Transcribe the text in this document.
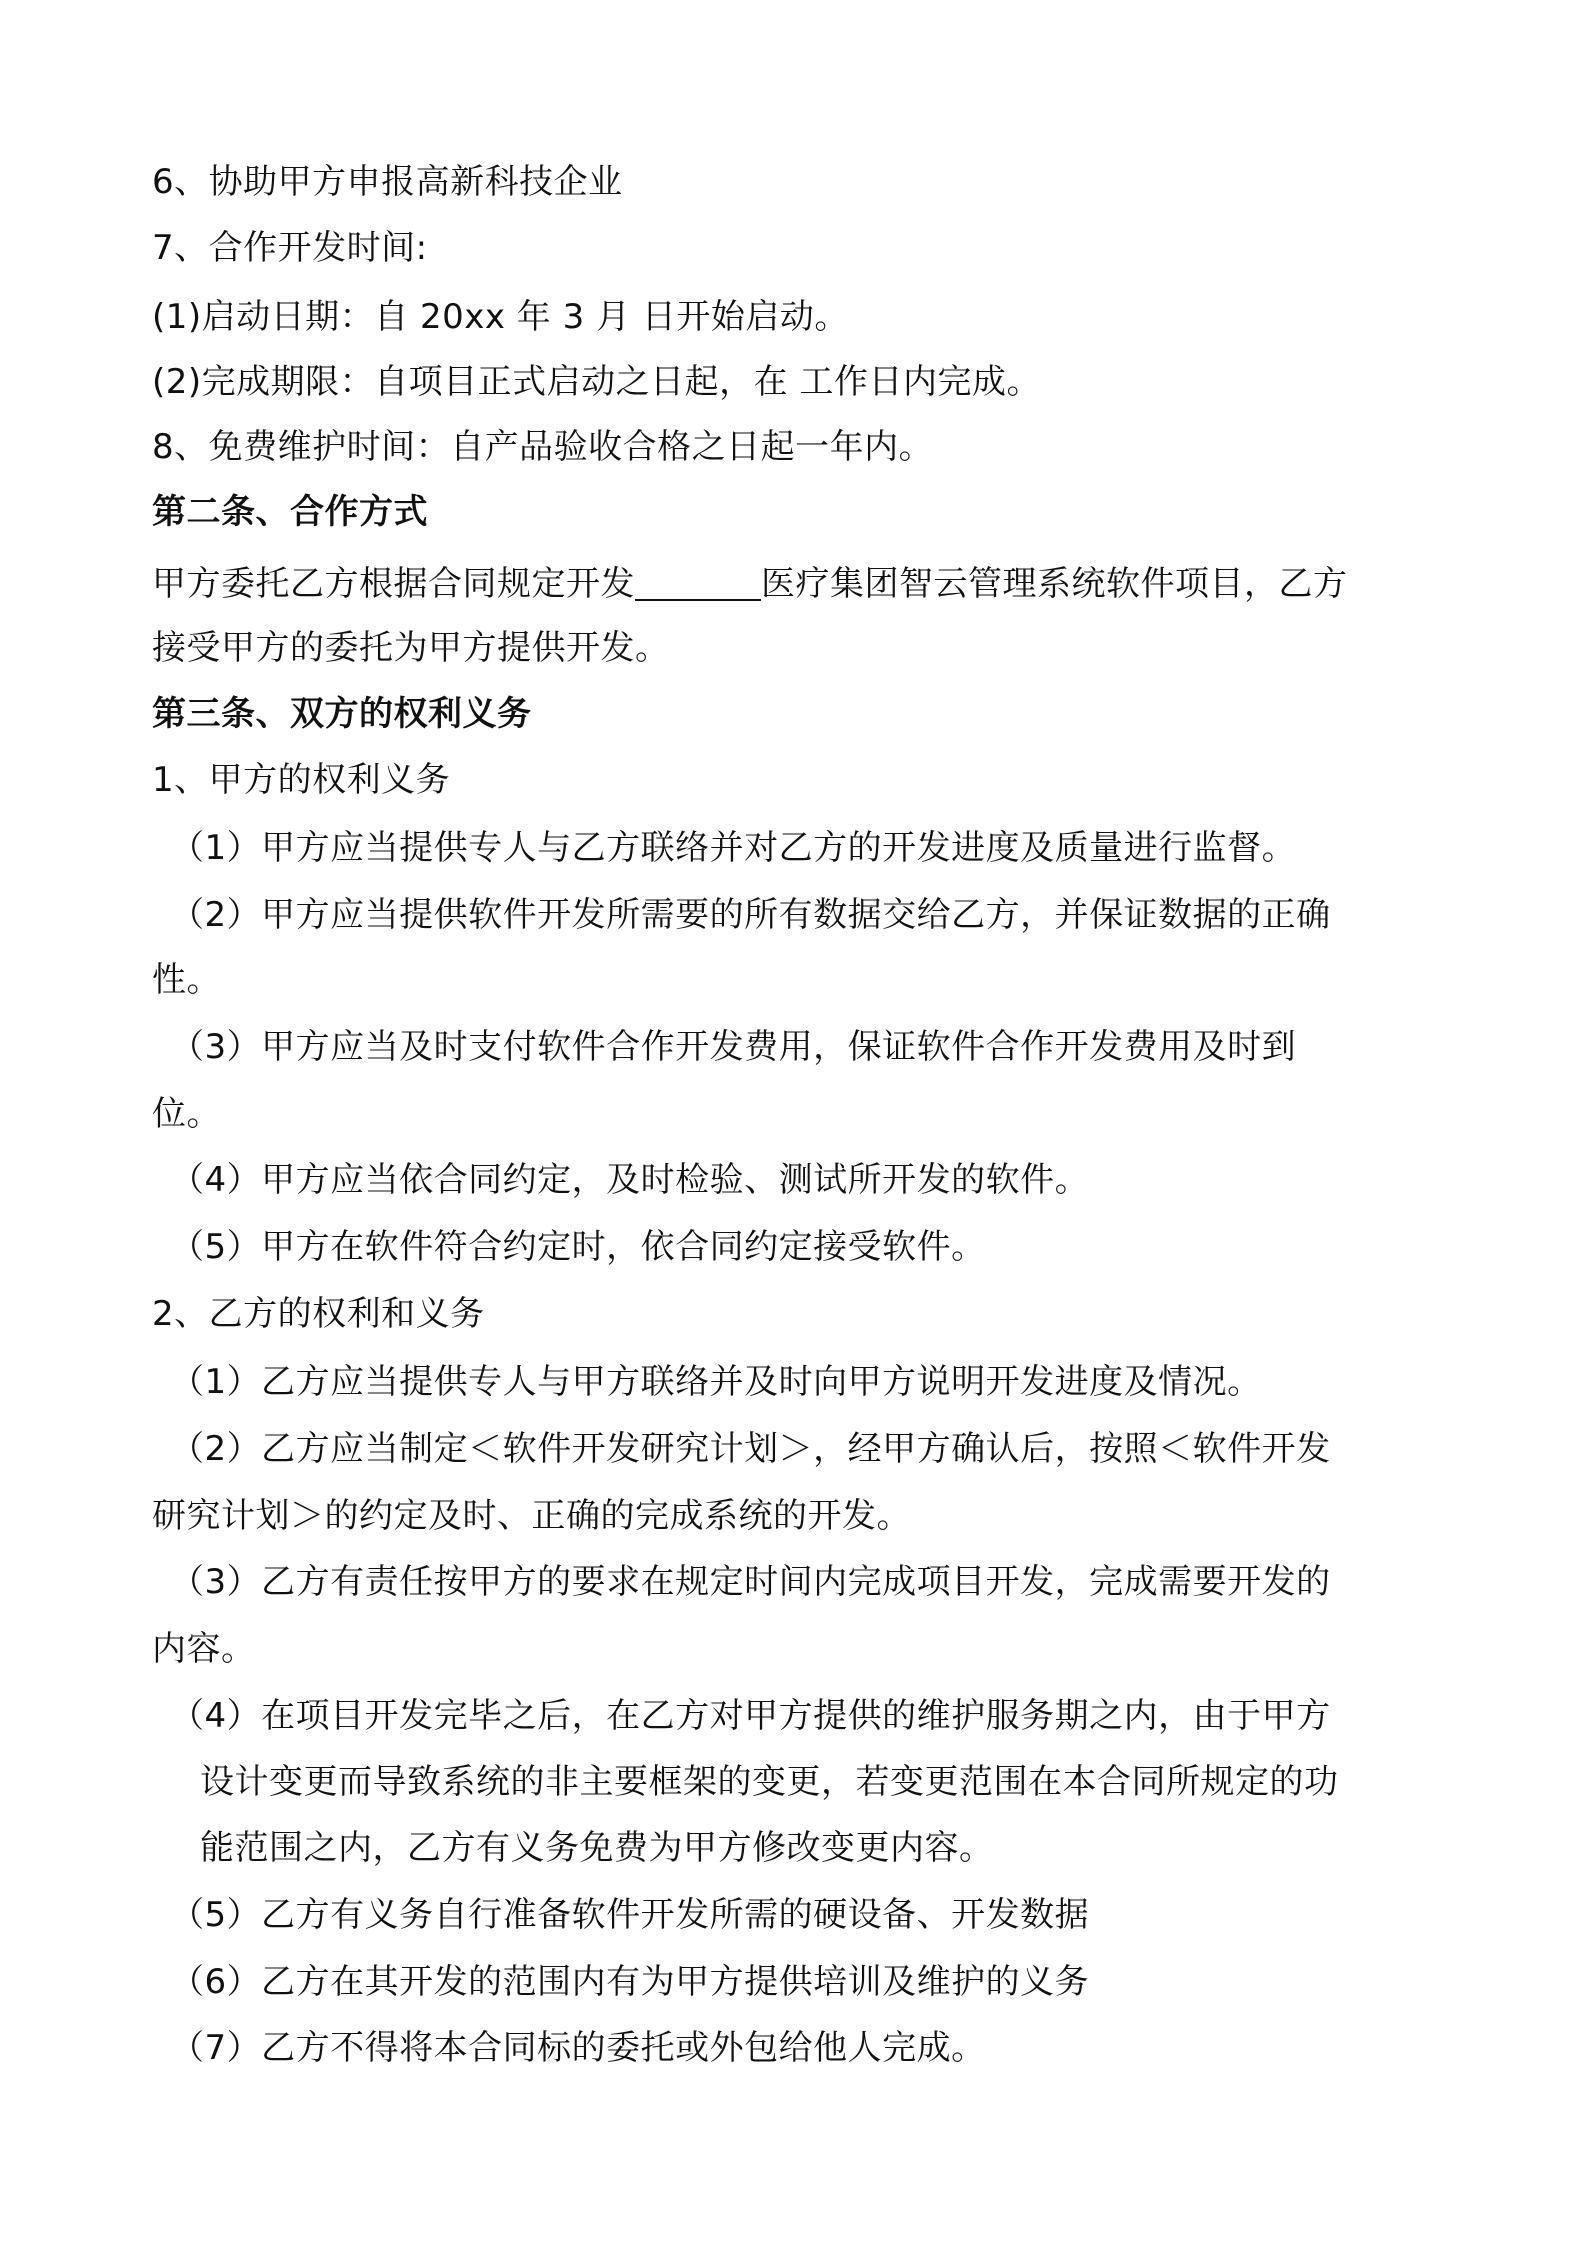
6、协助甲方申报高新科技企业
7、合作开发时间:
(1)启动日期：自 20xx 年 3 月 日开始启动。
(2)完成期限：自项目正式启动之日起，在 工作日内完成。
8、免费维护时间：自产品验收合格之日起一年内。
第二条、合作方式
甲方委托乙方根据合同规定开发	医疗集团智云管理系统软件项目，乙方
接受甲方的委托为甲方提供开发。
第三条、双方的权利义务
1、甲方的权利义务
（1）甲方应当提供专人与乙方联络并对乙方的开发进度及质量进行监督。
（2）甲方应当提供软件开发所需要的所有数据交给乙方，并保证数据的正确
性。
（3）甲方应当及时支付软件合作开发费用，保证软件合作开发费用及时到
位。
（4）甲方应当依合同约定，及时检验、测试所开发的软件。
（5）甲方在软件符合约定时，依合同约定接受软件。
2、乙方的权利和义务
（1）乙方应当提供专人与甲方联络并及时向甲方说明开发进度及情况。
（2）乙方应当制定＜软件开发研究计划＞，经甲方确认后，按照＜软件开发
研究计划＞的约定及时、正确的完成系统的开发。
（3）乙方有责任按甲方的要求在规定时间内完成项目开发，完成需要开发的
内容。
（4）在项目开发完毕之后，在乙方对甲方提供的维护服务期之内，由于甲方
设计变更而导致系统的非主要框架的变更，若变更范围在本合同所规定的功
能范围之内，乙方有义务免费为甲方修改变更内容。
（5）乙方有义务自行准备软件开发所需的硬设备、开发数据
（6）乙方在其开发的范围内有为甲方提供培训及维护的义务
（7）乙方不得将本合同标的委托或外包给他人完成。
